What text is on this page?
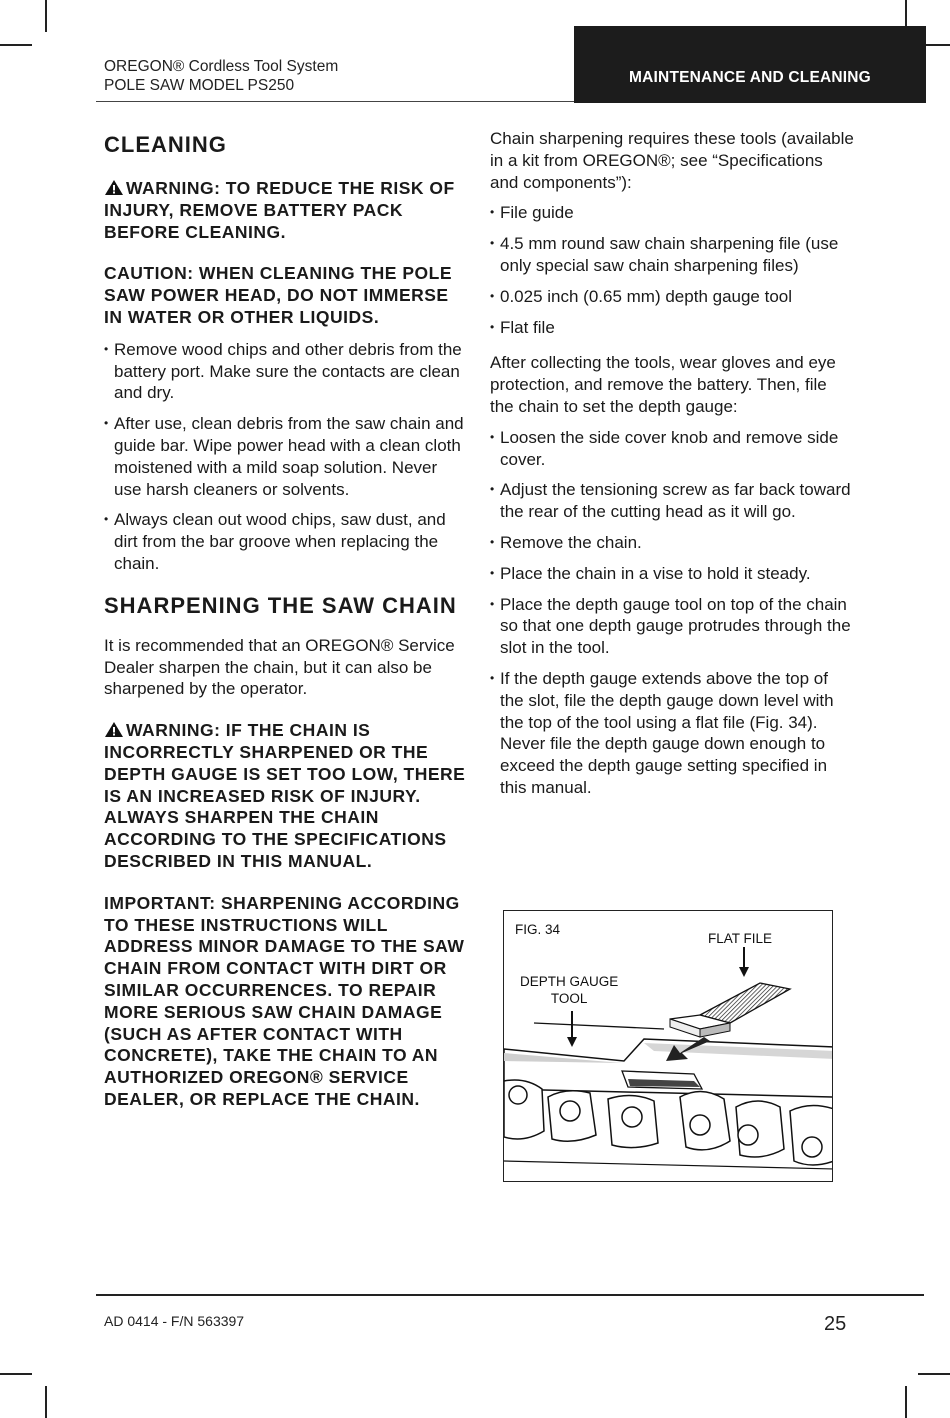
OREGON® Cordless Tool System
POLE SAW MODEL PS250	MAINTENANCE AND CLEANING
CLEANING

WARNING: TO REDUCE THE RISK OF INJURY, REMOVE BATTERY PACK BEFORE CLEANING.

CAUTION: WHEN CLEANING THE POLE SAW POWER HEAD, DO NOT IMMERSE IN WATER OR OTHER LIQUIDS.

• Remove wood chips and other debris from the battery port. Make sure the contacts are clean and dry.
• After use, clean debris from the saw chain and guide bar. Wipe power head with a clean cloth moistened with a mild soap solution. Never use harsh cleaners or solvents.
• Always clean out wood chips, saw dust, and dirt from the bar groove when replacing the chain.
SHARPENING THE SAW CHAIN

It is recommended that an OREGON® Service Dealer sharpen the chain, but it can also be sharpened by the operator.

WARNING: IF THE CHAIN IS INCORRECTLY SHARPENED OR THE DEPTH GAUGE IS SET TOO LOW, THERE IS AN INCREASED RISK OF INJURY. ALWAYS SHARPEN THE CHAIN ACCORDING TO THE SPECIFICATIONS DESCRIBED IN THIS MANUAL.

IMPORTANT: SHARPENING ACCORDING TO THESE INSTRUCTIONS WILL ADDRESS MINOR DAMAGE TO THE SAW CHAIN FROM CONTACT WITH DIRT OR SIMILAR OCCURRENCES. TO REPAIR MORE SERIOUS SAW CHAIN DAMAGE (SUCH AS AFTER CONTACT WITH CONCRETE), TAKE THE CHAIN TO AN AUTHORIZED OREGON® SERVICE DEALER, OR REPLACE THE CHAIN.

Chain sharpening requires these tools (available in a kit from OREGON®; see “Specifications and components”):

• File guide
• 4.5 mm round saw chain sharpening file (use only special saw chain sharpening files)
• 0.025 inch (0.65 mm) depth gauge tool
• Flat file

After collecting the tools, wear gloves and eye protection, and remove the battery. Then, file the chain to set the depth gauge:

• Loosen the side cover knob and remove side cover.
• Adjust the tensioning screw as far back toward the rear of the cutting head as it will go.
• Remove the chain.
• Place the chain in a vise to hold it steady.
• Place the depth gauge tool on top of the chain so that one depth gauge protrudes through the slot in the tool.
• If the depth gauge extends above the top of the slot, file the depth gauge down level with the top of the tool using a flat file (Fig. 34). Never file the depth gauge down enough to exceed the depth gauge setting specified in this manual.
FIG. 34
FLAT FILE
DEPTH GAUGE
TOOL
AD 0414 - F/N 563397	25
